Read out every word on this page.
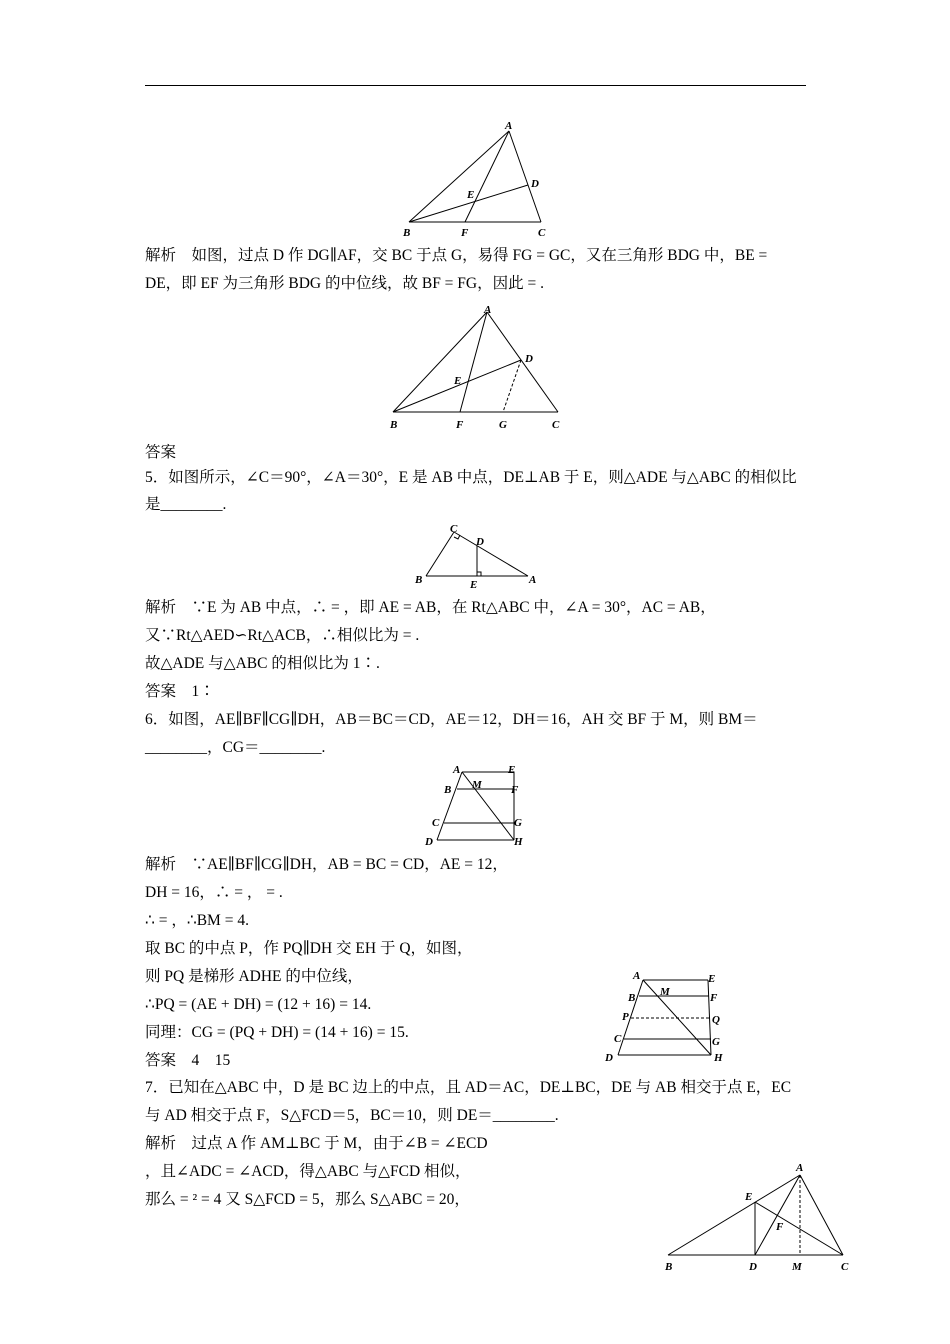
A
B	C
D
E
F
解析　如图，过点 D 作 DG∥AF，交 BC 于点 G，易得 FG = GC，又在三角形 BDG 中，BE =
DE，即 EF 为三角形 BDG 的中位线，故 BF = FG，因此 = .
A
B	C
D
E
F	G
答案
5．如图所示，∠C＝90°，∠A＝30°，E 是 AB 中点，DE⊥AB 于 E，则△ADE 与△ABC 的相似比
是________.
C
D
B	E	A
解析　∵E 为 AB 中点，∴ = ，即 AE = AB，在 Rt△ABC 中，∠A = 30°，AC = AB，
又∵Rt△AED∽Rt△ACB，∴相似比为 = .
故△ADE 与△ABC 的相似比为 1∶.
答案　1∶
6．如图，AE∥BF∥CG∥DH，AB＝BC＝CD，AE＝12，DH＝16，AH 交 BF 于 M，则 BM＝
________，CG＝________.
A	E
M
B	F
C	G
D	H
解析　∵AE∥BF∥CG∥DH，AB = BC = CD，AE = 12，
DH = 16，∴ = ， = .
∴ = ，∴BM = 4.
取 BC 的中点 P，作 PQ∥DH 交 EH 于 Q，如图，
则 PQ 是梯形 ADHE 的中位线，
∴PQ = (AE + DH) = (12 + 16) = 14.
同理：CG = (PQ + DH) = (14 + 16) = 15.
答案　4　15
A	E
M
B	F
P	Q
C	G
D	H
7．已知在△ABC 中，D 是 BC 边上的中点，且 AD＝AC，DE⊥BC，DE 与 AB 相交于点 E，EC
与 AD 相交于点 F，S△FCD＝5，BC＝10，则 DE＝________.
解析　过点 A 作 AM⊥BC 于 M，由于∠B = ∠ECD
，且∠ADC = ∠ACD，得△ABC 与△FCD 相似，
那么 = ² = 4 又 S△FCD = 5，那么 S△ABC = 20，
A
E
F
B	D	M	C
